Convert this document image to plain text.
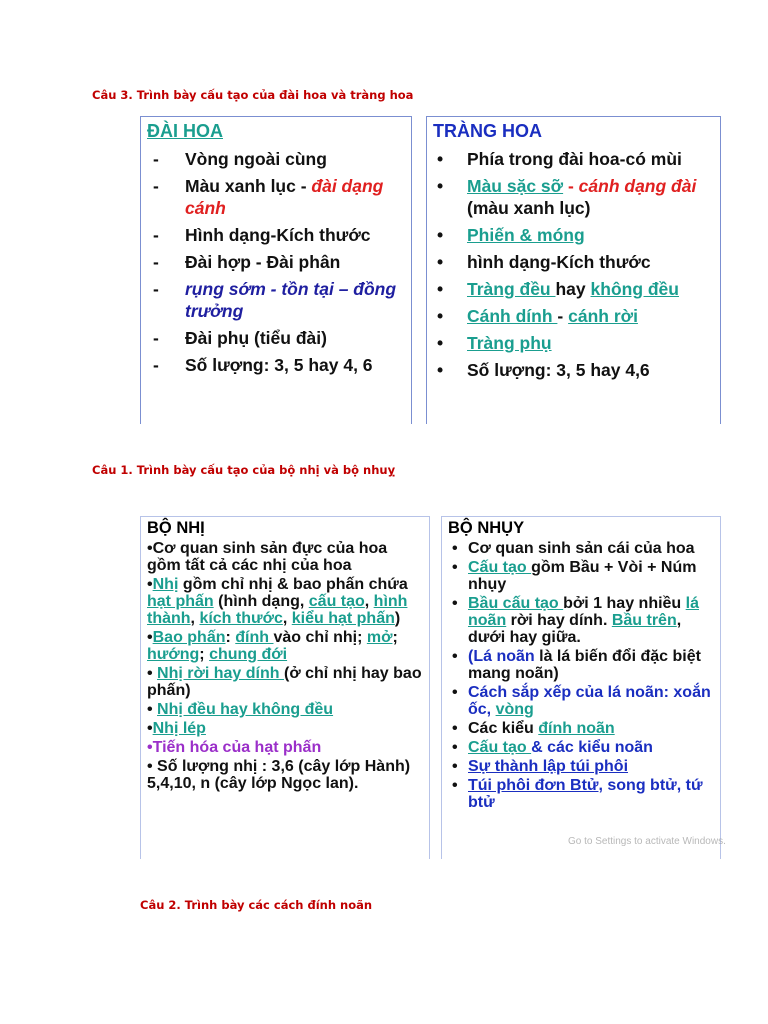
Câu 3. Trình bày cấu tạo của đài hoa và tràng hoa
ĐÀI HOA
- Vòng ngoài cùng
- Màu xanh lục - đài dạng cánh
- Hình dạng-Kích thước
- Đài hợp - Đài phân
- rụng sớm - tồn tại – đồng trưởng
- Đài phụ (tiểu đài)
- Số lượng: 3, 5 hay 4, 6
TRÀNG HOA
• Phía trong đài hoa-có mùi
• Màu sặc sỡ - cánh dạng đài (màu xanh lục)
• Phiến & móng
• hình dạng-Kích thước
• Tràng đều hay không đều
• Cánh dính - cánh rời
• Tràng phụ
• Số lượng: 3, 5 hay 4,6
Câu 1. Trình bày cấu tạo của bộ nhị và bộ nhuỵ
BỘ NHỊ
•Cơ quan sinh sản đực của hoa gồm tất cả các nhị của hoa
•Nhị gồm chỉ nhị & bao phấn chứa hạt phấn (hình dạng, cấu tạo, hình thành, kích thước, kiểu hạt phấn)
•Bao phấn: đính vào chỉ nhị; mở; hướng; chung đới
• Nhị rời hay dính (ở chỉ nhị hay bao phấn)
• Nhị đều hay không đều
•Nhị lép
•Tiến hóa của hạt phấn
• Số lượng nhị : 3,6 (cây lớp Hành) 5,4,10, n (cây lớp Ngọc lan).
BỘ NHỤY
• Cơ quan sinh sản cái của hoa
• Cấu tạo gồm Bầu + Vòi + Núm nhụy
• Bầu cấu tạo bởi 1 hay nhiều lá noãn rời hay dính. Bầu trên, dưới hay giữa.
• (Lá noãn là lá biến đổi đặc biệt mang noãn)
• Cách sắp xếp của lá noãn: xoắn ốc, vòng
• Các kiểu đính noãn
• Cấu tạo & các kiểu noãn
• Sự thành lập túi phôi
• Túi phôi đơn Btử, song btử, tứ btử
Go to Settings to activate Windows.
Câu 2. Trình bày các cách đính noãn
